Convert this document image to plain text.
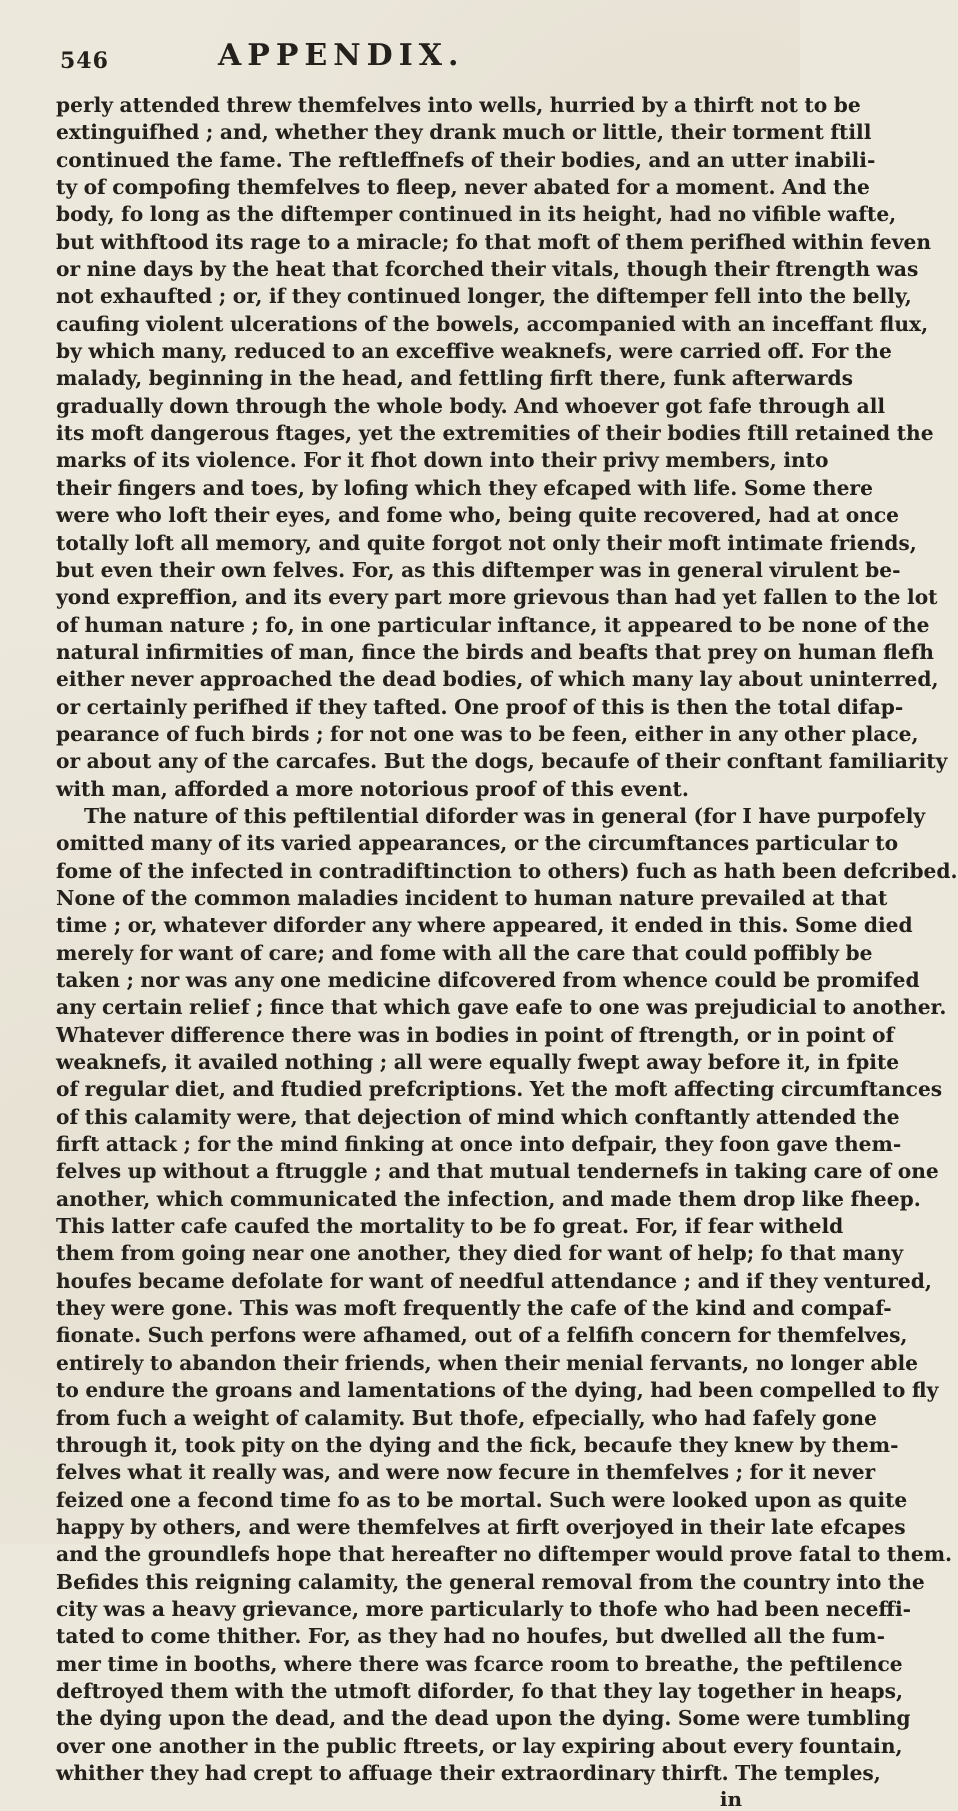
546	APPENDIX.
perly attended threw themfelves into wells, hurried by a thirft not to be
extinguifhed ; and, whether they drank much or little, their torment ftill
continued the fame. The reftleffnefs of their bodies, and an utter inabili-
ty of compofing themfelves to fleep, never abated for a moment. And the
body, fo long as the diftemper continued in its height, had no vifible wafte,
but withftood its rage to a miracle; fo that moft of them perifhed within feven
or nine days by the heat that fcorched their vitals, though their ftrength was
not exhaufted ; or, if they continued longer, the diftemper fell into the belly,
caufing violent ulcerations of the bowels, accompanied with an inceffant flux,
by which many, reduced to an exceffive weaknefs, were carried off. For the
malady, beginning in the head, and fettling firft there, funk afterwards
gradually down through the whole body. And whoever got fafe through all
its moft dangerous ftages, yet the extremities of their bodies ftill retained the
marks of its violence. For it fhot down into their privy members, into
their fingers and toes, by lofing which they efcaped with life. Some there
were who loft their eyes, and fome who, being quite recovered, had at once
totally loft all memory, and quite forgot not only their moft intimate friends,
but even their own felves. For, as this diftemper was in general virulent be-
yond expreffion, and its every part more grievous than had yet fallen to the lot
of human nature ; fo, in one particular inftance, it appeared to be none of the
natural infirmities of man, fince the birds and beafts that prey on human flefh
either never approached the dead bodies, of which many lay about uninterred,
or certainly perifhed if they tafted. One proof of this is then the total difap-
pearance of fuch birds ; for not one was to be feen, either in any other place,
or about any of the carcafes. But the dogs, becaufe of their conftant familiarity
with man, afforded a more notorious proof of this event.
The nature of this peftilential diforder was in general (for I have purpofely
omitted many of its varied appearances, or the circumftances particular to
fome of the infected in contradiftinction to others) fuch as hath been defcribed.
None of the common maladies incident to human nature prevailed at that
time ; or, whatever diforder any where appeared, it ended in this. Some died
merely for want of care; and fome with all the care that could poffibly be
taken ; nor was any one medicine difcovered from whence could be promifed
any certain relief ; fince that which gave eafe to one was prejudicial to another.
Whatever difference there was in bodies in point of ftrength, or in point of
weaknefs, it availed nothing ; all were equally fwept away before it, in fpite
of regular diet, and ftudied prefcriptions. Yet the moft affecting circumftances
of this calamity were, that dejection of mind which conftantly attended the
firft attack ; for the mind finking at once into defpair, they foon gave them-
felves up without a ftruggle ; and that mutual tendernefs in taking care of one
another, which communicated the infection, and made them drop like fheep.
This latter cafe caufed the mortality to be fo great. For, if fear witheld
them from going near one another, they died for want of help; fo that many
houfes became defolate for want of needful attendance ; and if they ventured,
they were gone. This was moft frequently the cafe of the kind and compaf-
fionate. Such perfons were afhamed, out of a felfifh concern for themfelves,
entirely to abandon their friends, when their menial fervants, no longer able
to endure the groans and lamentations of the dying, had been compelled to fly
from fuch a weight of calamity. But thofe, efpecially, who had fafely gone
through it, took pity on the dying and the fick, becaufe they knew by them-
felves what it really was, and were now fecure in themfelves ; for it never
feized one a fecond time fo as to be mortal. Such were looked upon as quite
happy by others, and were themfelves at firft overjoyed in their late efcapes
and the groundlefs hope that hereafter no diftemper would prove fatal to them.
Befides this reigning calamity, the general removal from the country into the
city was a heavy grievance, more particularly to thofe who had been neceffi-
tated to come thither. For, as they had no houfes, but dwelled all the fum-
mer time in booths, where there was fcarce room to breathe, the peftilence
deftroyed them with the utmoft diforder, fo that they lay together in heaps,
the dying upon the dead, and the dead upon the dying. Some were tumbling
over one another in the public ftreets, or lay expiring about every fountain,
whither they had crept to affuage their extraordinary thirft. The temples,
in
